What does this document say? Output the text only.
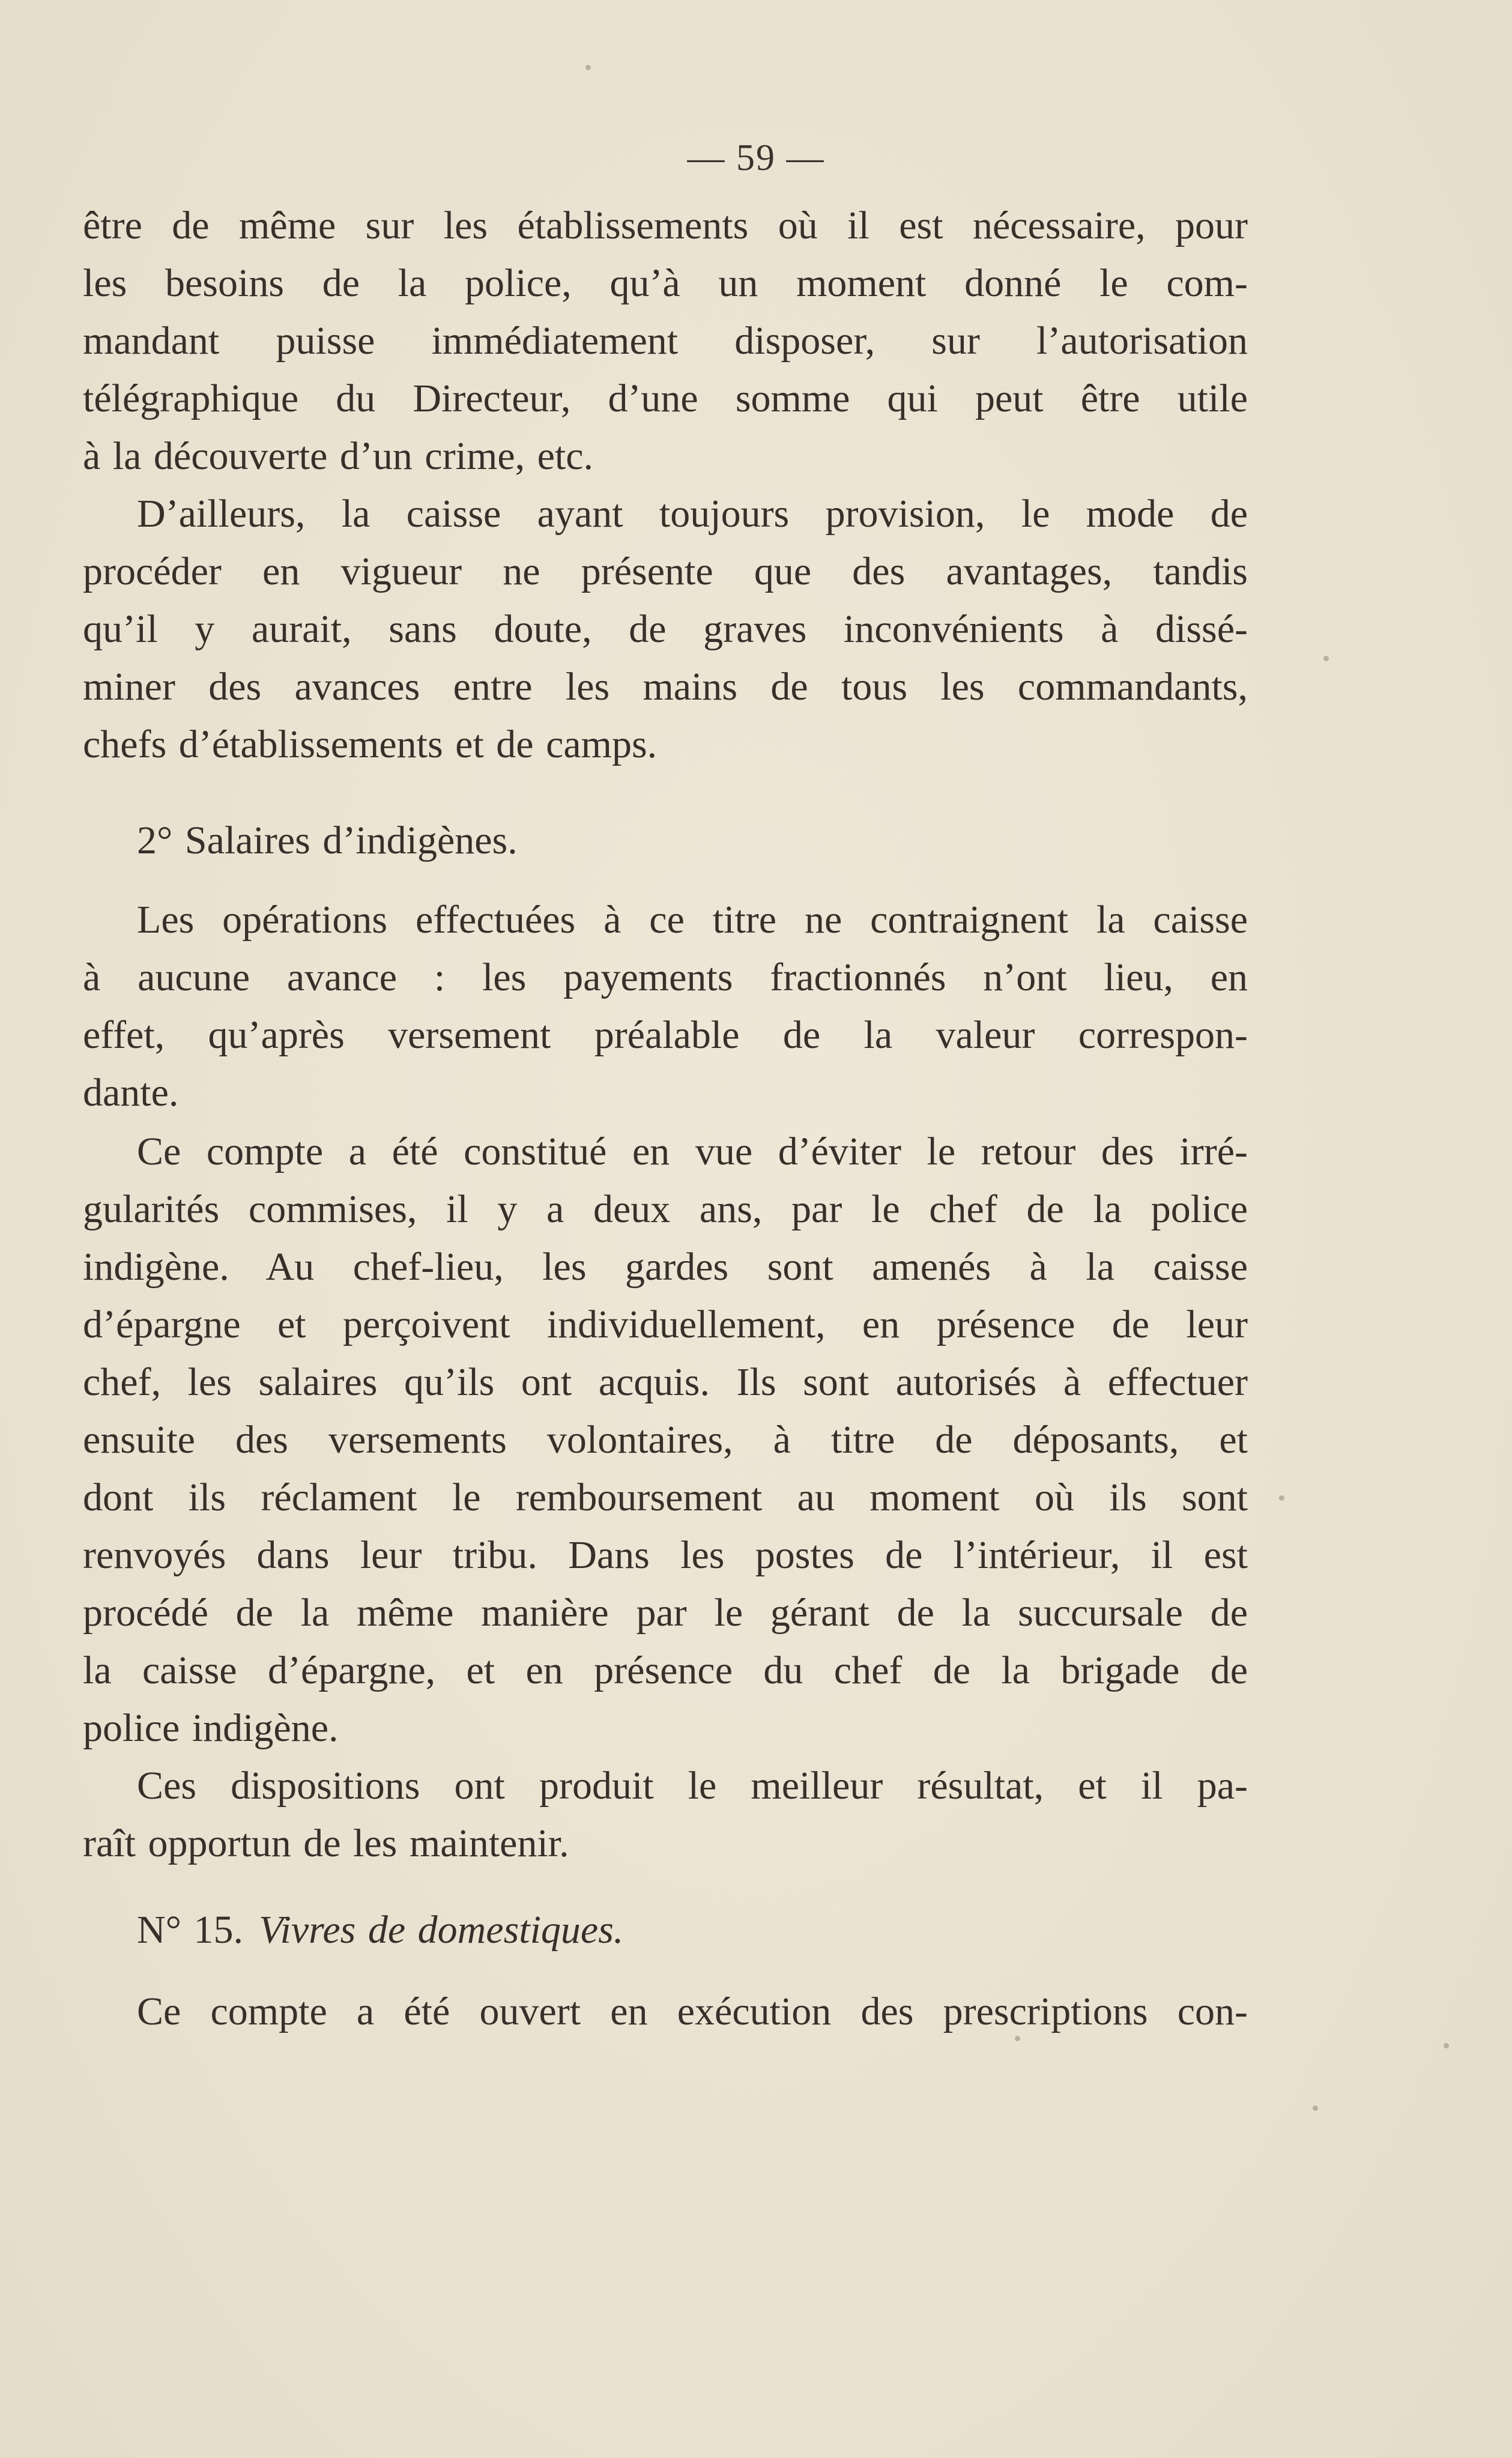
— 59 —
être de même sur les établissements où il est nécessaire, pour
les besoins de la police, qu’à un moment donné le com-
mandant puisse immédiatement disposer, sur l’autorisation
télégraphique du Directeur, d’une somme qui peut être utile
à la découverte d’un crime, etc.
D’ailleurs, la caisse ayant toujours provision, le mode de
procéder en vigueur ne présente que des avantages, tandis
qu’il y aurait, sans doute, de graves inconvénients à dissé-
miner des avances entre les mains de tous les commandants,
chefs d’établissements et de camps.
2° Salaires d’indigènes.
Les opérations effectuées à ce titre ne contraignent la caisse
à aucune avance : les payements fractionnés n’ont lieu, en
effet, qu’après versement préalable de la valeur correspon-
dante.
Ce compte a été constitué en vue d’éviter le retour des irré-
gularités commises, il y a deux ans, par le chef de la police
indigène. Au chef-lieu, les gardes sont amenés à la caisse
d’épargne et perçoivent individuellement, en présence de leur
chef, les salaires qu’ils ont acquis. Ils sont autorisés à effectuer
ensuite des versements volontaires, à titre de déposants, et
dont ils réclament le remboursement au moment où ils sont
renvoyés dans leur tribu. Dans les postes de l’intérieur, il est
procédé de la même manière par le gérant de la succursale de
la caisse d’épargne, et en présence du chef de la brigade de
police indigène.
Ces dispositions ont produit le meilleur résultat, et il pa-
raît opportun de les maintenir.
N° 15. Vivres de domestiques.
Ce compte a été ouvert en exécution des prescriptions con-
